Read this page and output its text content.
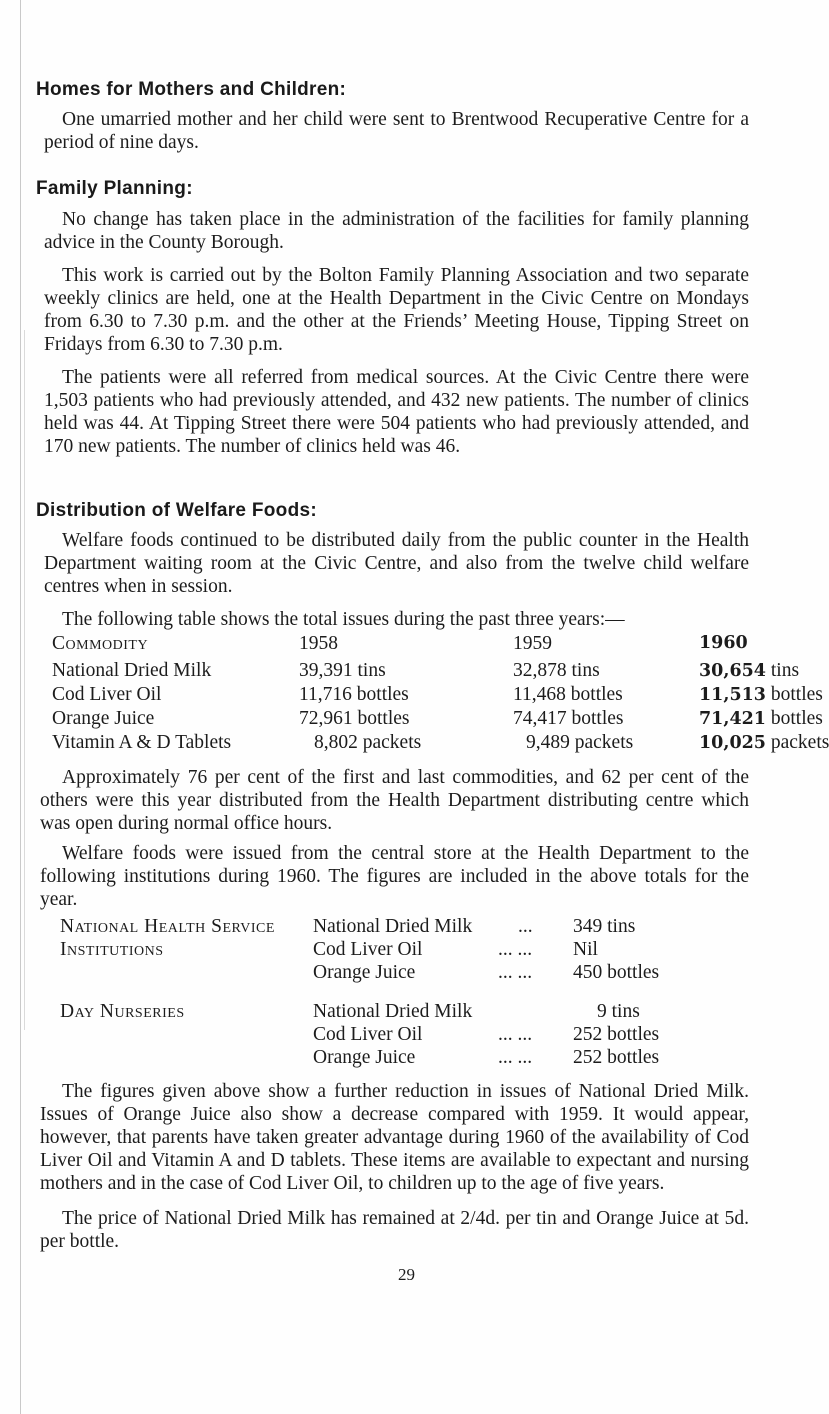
Homes for Mothers and Children:
One umarried mother and her child were sent to Brentwood Recuperative Centre for a period of nine days.
Family Planning:
No change has taken place in the administration of the facilities for family planning advice in the County Borough.
This work is carried out by the Bolton Family Planning Association and two separate weekly clinics are held, one at the Health Department in the Civic Centre on Mondays from 6.30 to 7.30 p.m. and the other at the Friends’ Meeting House, Tipping Street on Fridays from 6.30 to 7.30 p.m.
The patients were all referred from medical sources. At the Civic Centre there were 1,503 patients who had previously attended, and 432 new patients. The number of clinics held was 44. At Tipping Street there were 504 patients who had previously attended, and 170 new patients. The number of clinics held was 46.
Distribution of Welfare Foods:
Welfare foods continued to be distributed daily from the public counter in the Health Department waiting room at the Civic Centre, and also from the twelve child welfare centres when in session.
The following table shows the total issues during the past three years:—
Commodity	1958	1959	1960
National Dried Milk	39,391 tins	32,878 tins	30,654 tins
Cod Liver Oil	11,716 bottles	11,468 bottles	11,513 bottles
Orange Juice	72,961 bottles	74,417 bottles	71,421 bottles
Vitamin A & D Tablets	8,802 packets	9,489 packets	10,025 packets
Approximately 76 per cent of the first and last commodities, and 62 per cent of the others were this year distributed from the Health Department distributing centre which was open during normal office hours.
Welfare foods were issued from the central store at the Health Department to the following institutions during 1960. The figures are included in the above totals for the year.
National Health Service National Dried Milk ... 349 tins
Institutions	Cod Liver Oil	... ... Nil
Orange Juice	... ... 450 bottles
Day Nurseries	National Dried Milk	9 tins
Cod Liver Oil	... ... 252 bottles
Orange Juice	... ... 252 bottles
The figures given above show a further reduction in issues of National Dried Milk. Issues of Orange Juice also show a decrease compared with 1959. It would appear, however, that parents have taken greater advantage during 1960 of the availability of Cod Liver Oil and Vitamin A and D tablets. These items are available to expectant and nursing mothers and in the case of Cod Liver Oil, to children up to the age of five years.
The price of National Dried Milk has remained at 2/4d. per tin and Orange Juice at 5d. per bottle.
29
